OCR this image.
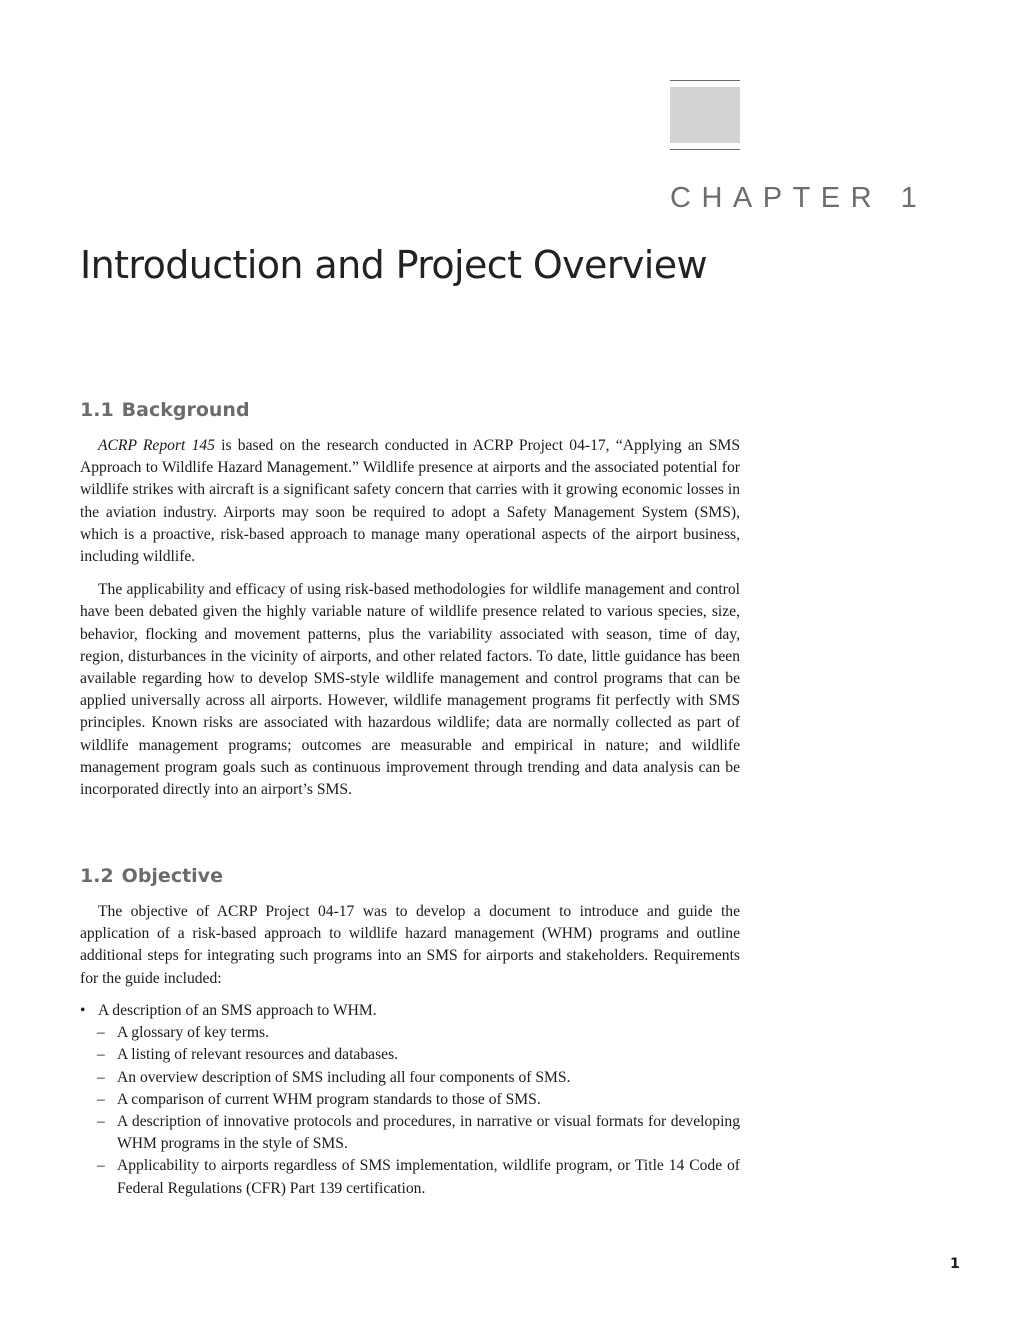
CHAPTER 1
Introduction and Project Overview
1.1 Background

ACRP Report 145 is based on the research conducted in ACRP Project 04-17, “Applying an SMS Approach to Wildlife Hazard Management.” Wildlife presence at airports and the associated potential for wildlife strikes with aircraft is a significant safety concern that carries with it growing economic losses in the aviation industry. Airports may soon be required to adopt a Safety Management System (SMS), which is a proactive, risk-based approach to manage many operational aspects of the airport business, including wildlife.

The applicability and efficacy of using risk-based methodologies for wildlife management and control have been debated given the highly variable nature of wildlife presence related to various species, size, behavior, flocking and movement patterns, plus the variability associated with season, time of day, region, disturbances in the vicinity of airports, and other related factors. To date, little guidance has been available regarding how to develop SMS-style wildlife management and control programs that can be applied universally across all airports. However, wildlife management programs fit perfectly with SMS principles. Known risks are associated with hazardous wildlife; data are normally collected as part of wildlife management programs; outcomes are measurable and empirical in nature; and wildlife management program goals such as continuous improvement through trending and data analysis can be incorporated directly into an airport’s SMS.

1.2 Objective

The objective of ACRP Project 04-17 was to develop a document to introduce and guide the application of a risk-based approach to wildlife hazard management (WHM) programs and outline additional steps for integrating such programs into an SMS for airports and stakeholders. Requirements for the guide included:

• A description of an SMS approach to WHM.
– A glossary of key terms.
– A listing of relevant resources and databases.
– An overview description of SMS including all four components of SMS.
– A comparison of current WHM program standards to those of SMS.
– A description of innovative protocols and procedures, in narrative or visual formats for developing WHM programs in the style of SMS.
– Applicability to airports regardless of SMS implementation, wildlife program, or Title 14 Code of Federal Regulations (CFR) Part 139 certification.
1
